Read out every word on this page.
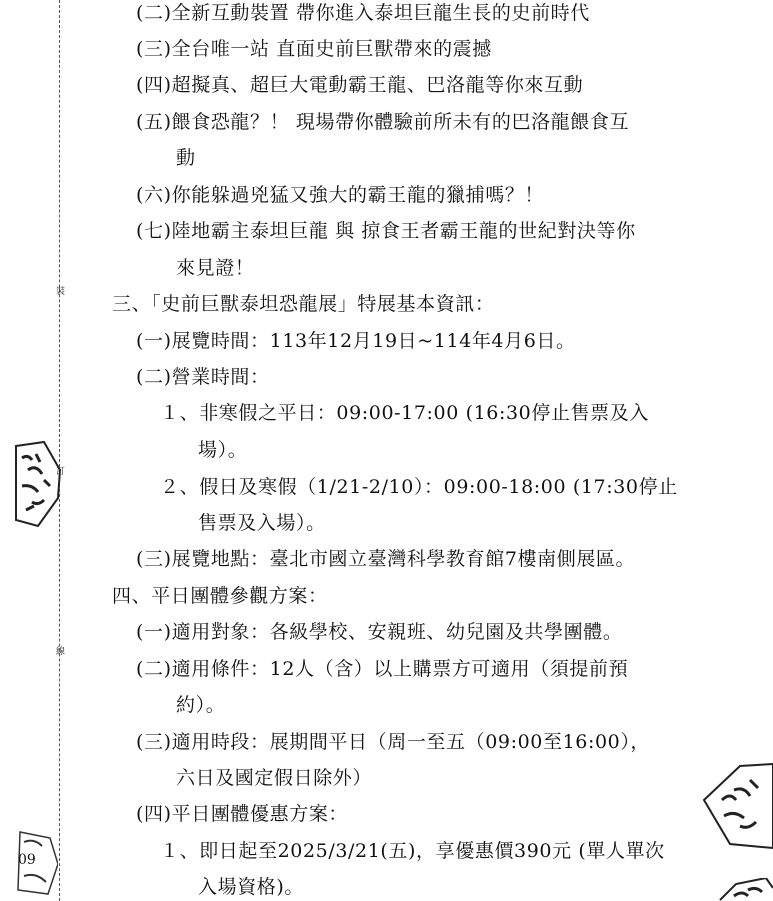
裝
訂
線
09
(二)全新互動裝置 帶你進入泰坦巨龍生長的史前時代
(三)全台唯一站 直面史前巨獸帶來的震撼
(四)超擬真、超巨大電動霸王龍、巴洛龍等你來互動
(五)餵食恐龍？！ 現場帶你體驗前所未有的巴洛龍餵食互
動
(六)你能躲過兇猛又強大的霸王龍的獵捕嗎？！
(七)陸地霸主泰坦巨龍 與 掠食王者霸王龍的世紀對決等你
來見證！
三、「史前巨獸泰坦恐龍展」特展基本資訊：
(一)展覽時間：113年12月19日~114年4月6日。
(二)營業時間：
１、非寒假之平日：09:00-17:00 (16:30停止售票及入
場）。
２、假日及寒假（1/21-2/10）：09:00-18:00 (17:30停止
售票及入場）。
(三)展覽地點：臺北市國立臺灣科學教育館7樓南側展區。
四、平日團體參觀方案：
(一)適用對象：各級學校、安親班、幼兒園及共學團體。
(二)適用條件：12人（含）以上購票方可適用（須提前預
約）。
(三)適用時段：展期間平日（周一至五（09:00至16:00），
六日及國定假日除外）
(四)平日團體優惠方案：
１、即日起至2025/3/21(五)，享優惠價390元 (單人單次
入場資格)。
